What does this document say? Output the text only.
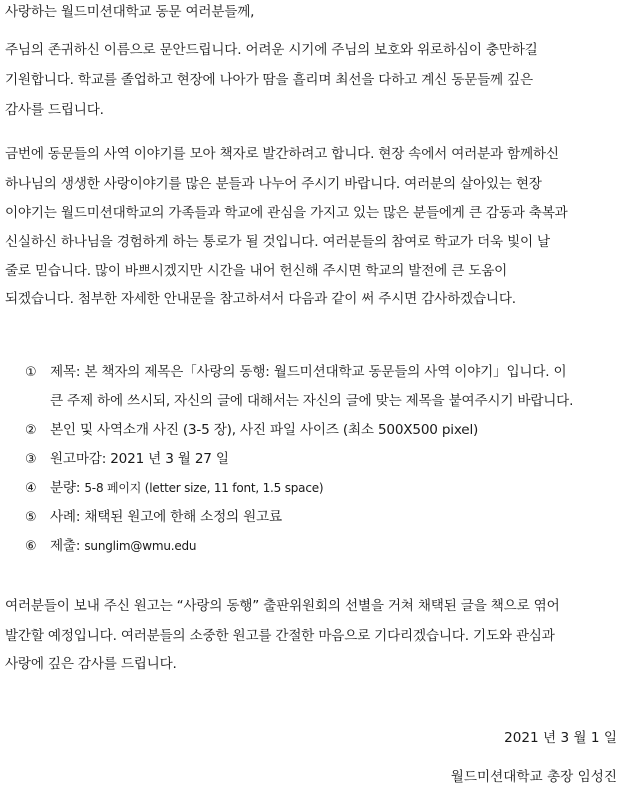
사랑하는 월드미션대학교 동문 여러분들께,
주님의 존귀하신 이름으로 문안드립니다. 어려운 시기에 주님의 보호와 위로하심이 충만하길
기원합니다. 학교를 졸업하고 현장에 나아가 땀을 흘리며 최선을 다하고 계신 동문들께 깊은
감사를 드립니다.
금번에 동문들의 사역 이야기를 모아 책자로 발간하려고 합니다. 현장 속에서 여러분과 함께하신
하나님의 생생한 사랑이야기를 많은 분들과 나누어 주시기 바랍니다. 여러분의 살아있는 현장
이야기는 월드미션대학교의 가족들과 학교에 관심을 가지고 있는 많은 분들에게 큰 감동과 축복과
신실하신 하나님을 경험하게 하는 통로가 될 것입니다. 여러분들의 참여로 학교가 더욱 빛이 날
줄로 믿습니다. 많이 바쁘시겠지만 시간을 내어 헌신해 주시면 학교의 발전에 큰 도움이
되겠습니다. 첨부한 자세한 안내문을 참고하셔서 다음과 같이 써 주시면 감사하겠습니다.
① 제목: 본 책자의 제목은「사랑의 동행: 월드미션대학교 동문들의 사역 이야기」입니다. 이
큰 주제 하에 쓰시되, 자신의 글에 대해서는 자신의 글에 맞는 제목을 붙여주시기 바랍니다.
② 본인 및 사역소개 사진 (3-5 장), 사진 파일 사이즈 (최소 500X500 pixel)
③ 원고마감: 2021 년 3 월 27 일
④ 분량: 5-8 페이지 (letter size, 11 font, 1.5 space)
⑤ 사례: 채택된 원고에 한해 소정의 원고료
⑥ 제출: sunglim@wmu.edu
여러분들이 보내 주신 원고는 “사랑의 동행” 출판위원회의 선별을 거쳐 채택된 글을 책으로 엮어
발간할 예정입니다. 여러분들의 소중한 원고를 간절한 마음으로 기다리겠습니다. 기도와 관심과
사랑에 깊은 감사를 드립니다.
2021 년 3 월 1 일
월드미션대학교 총장 임성진
